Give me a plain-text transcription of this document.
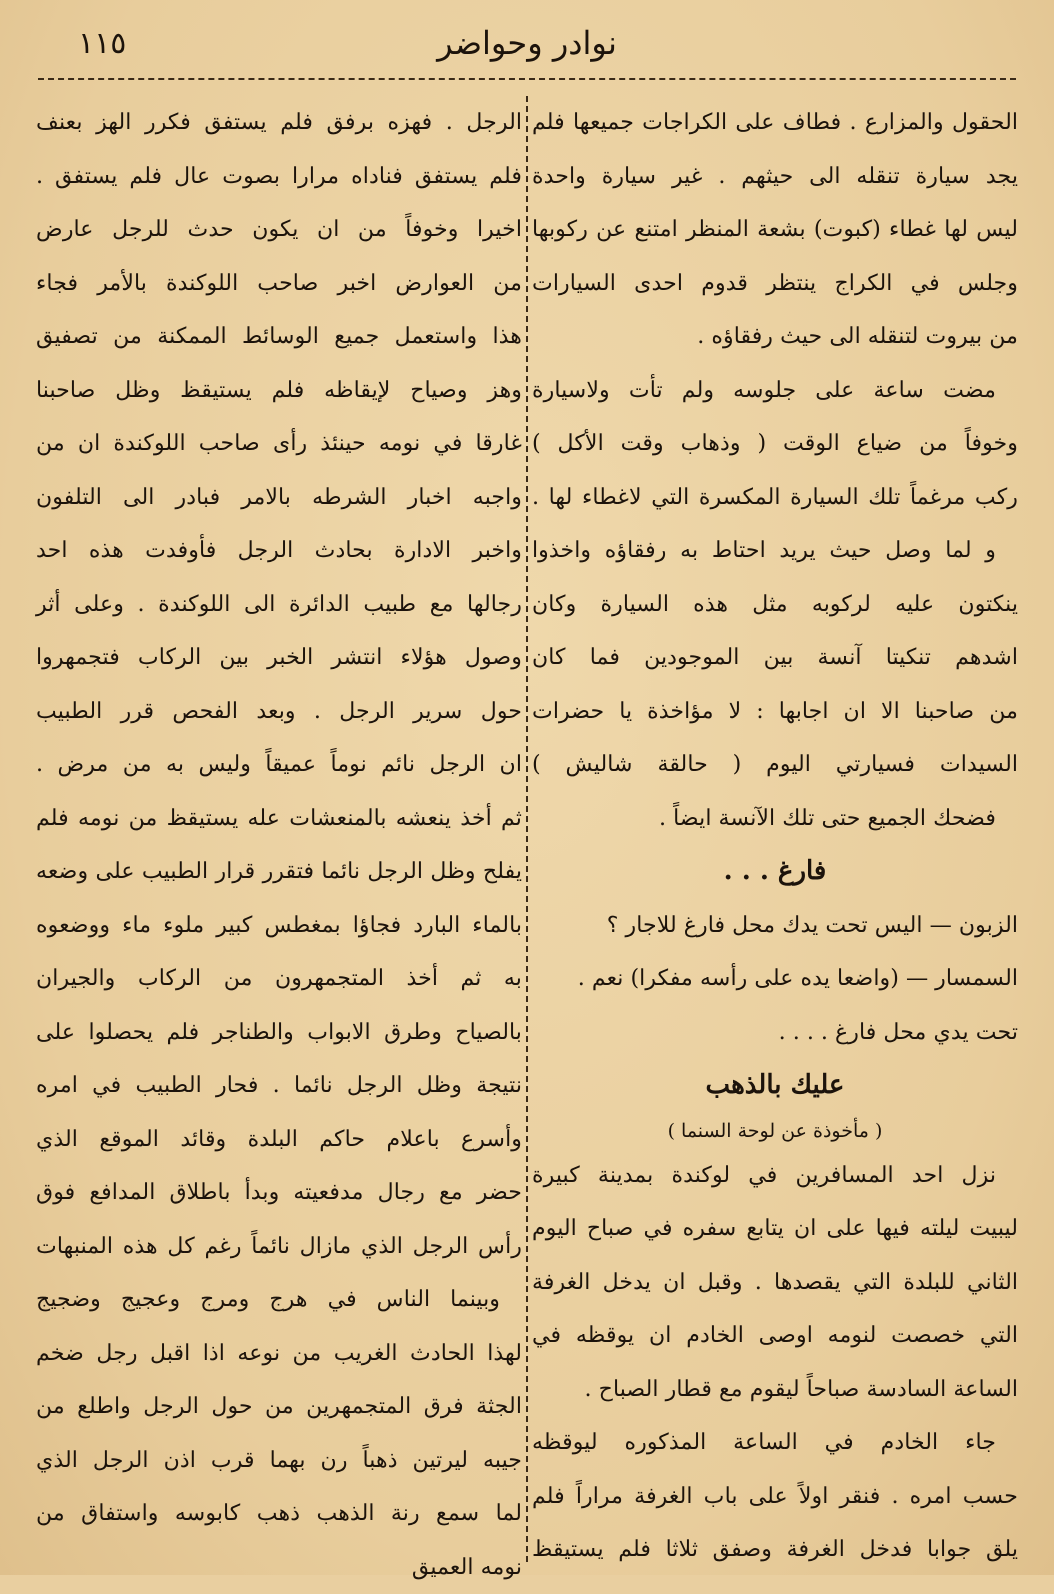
١١٥	نوادر وحواضر
الحقول والمزارع . فطاف على الكراجات جميعها فلم
يجد سيارة تنقله الى حيثهم . غير سيارة واحدة
ليس لها غطاء (كبوت) بشعة المنظر امتنع عن ركوبها
وجلس في الكراج ينتظر قدوم احدى السيارات
من بيروت لتنقله الى حيث رفقاؤه .
مضت ساعة على جلوسه ولم تأت ولاسيارة
وخوفاً من ضياع الوقت ( وذهاب وقت الأكل )
ركب مرغماً تلك السيارة المكسرة التي لاغطاء لها .
و لما وصل حيث يريد احتاط به رفقاؤه واخذوا
ينكتون عليه لركوبه مثل هذه السيارة وكان
اشدهم تنكيتا آنسة بين الموجودين فما كان
من صاحبنا الا ان اجابها : لا مؤاخذة يا حضرات
السيدات فسيارتي اليوم ( حالقة شاليش )
فضحك الجميع حتى تلك الآنسة ايضاً .
فارغ . . .
الزبون — اليس تحت يدك محل فارغ للاجار ؟
السمسار — (واضعا يده على رأسه مفكرا) نعم .
تحت يدي محل فارغ . . . .
عليك بالذهب
( مأخوذة عن لوحة السنما )
نزل احد المسافرين في لوكندة بمدينة كبيرة
ليبيت ليلته فيها على ان يتابع سفره في صباح اليوم
الثاني للبلدة التي يقصدها . وقبل ان يدخل الغرفة
التي خصصت لنومه اوصى الخادم ان يوقظه في
الساعة السادسة صباحاً ليقوم مع قطار الصباح .
جاء الخادم في الساعة المذكوره ليوقظه
حسب امره . فنقر اولاً على باب الغرفة مراراً فلم
يلق جوابا فدخل الغرفة وصفق ثلاثا فلم يستيقظ
الرجل . فهزه برفق فلم يستفق فكرر الهز بعنف
فلم يستفق فناداه مرارا بصوت عال فلم يستفق .
اخيرا وخوفاً من ان يكون حدث للرجل عارض
من العوارض اخبر صاحب اللوكندة بالأمر فجاء
هذا واستعمل جميع الوسائط الممكنة من تصفيق
وهز وصياح لإيقاظه فلم يستيقظ وظل صاحبنا
غارقا في نومه حينئذ رأى صاحب اللوكندة ان من
واجبه اخبار الشرطه بالامر فبادر الى التلفون
واخبر الادارة بحادث الرجل فأوفدت هذه احد
رجالها مع طبيب الدائرة الى اللوكندة . وعلى أثر
وصول هؤلاء انتشر الخبر بين الركاب فتجمهروا
حول سرير الرجل . وبعد الفحص قرر الطبيب
ان الرجل نائم نوماً عميقاً وليس به من مرض .
ثم أخذ ينعشه بالمنعشات عله يستيقظ من نومه فلم
يفلح وظل الرجل نائما فتقرر قرار الطبيب على وضعه
بالماء البارد فجاؤا بمغطس كبير ملوء ماء ووضعوه
به ثم أخذ المتجمهرون من الركاب والجيران
بالصياح وطرق الابواب والطناجر فلم يحصلوا على
نتيجة وظل الرجل نائما . فحار الطبيب في امره
وأسرع باعلام حاكم البلدة وقائد الموقع الذي
حضر مع رجال مدفعيته وبدأ باطلاق المدافع فوق
رأس الرجل الذي مازال نائماً رغم كل هذه المنبهات
وبينما الناس في هرج ومرج وعجيج وضجيج
لهذا الحادث الغريب من نوعه اذا اقبل رجل ضخم
الجثة فرق المتجمهرين من حول الرجل واطلع من
جيبه ليرتين ذهباً رن بهما قرب اذن الرجل الذي
لما سمع رنة الذهب ذهب كابوسه واستفاق من
نومه العميق
